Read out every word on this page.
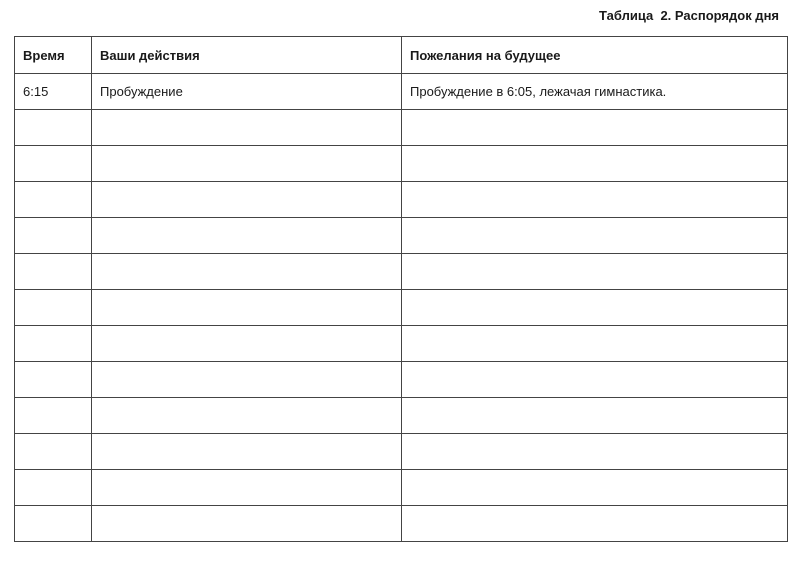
Таблица  2. Распорядок дня
Время	Ваши действия	Пожелания на будущее
6:15	Пробуждение	Пробуждение в 6:05, лежачая гимнастика.
